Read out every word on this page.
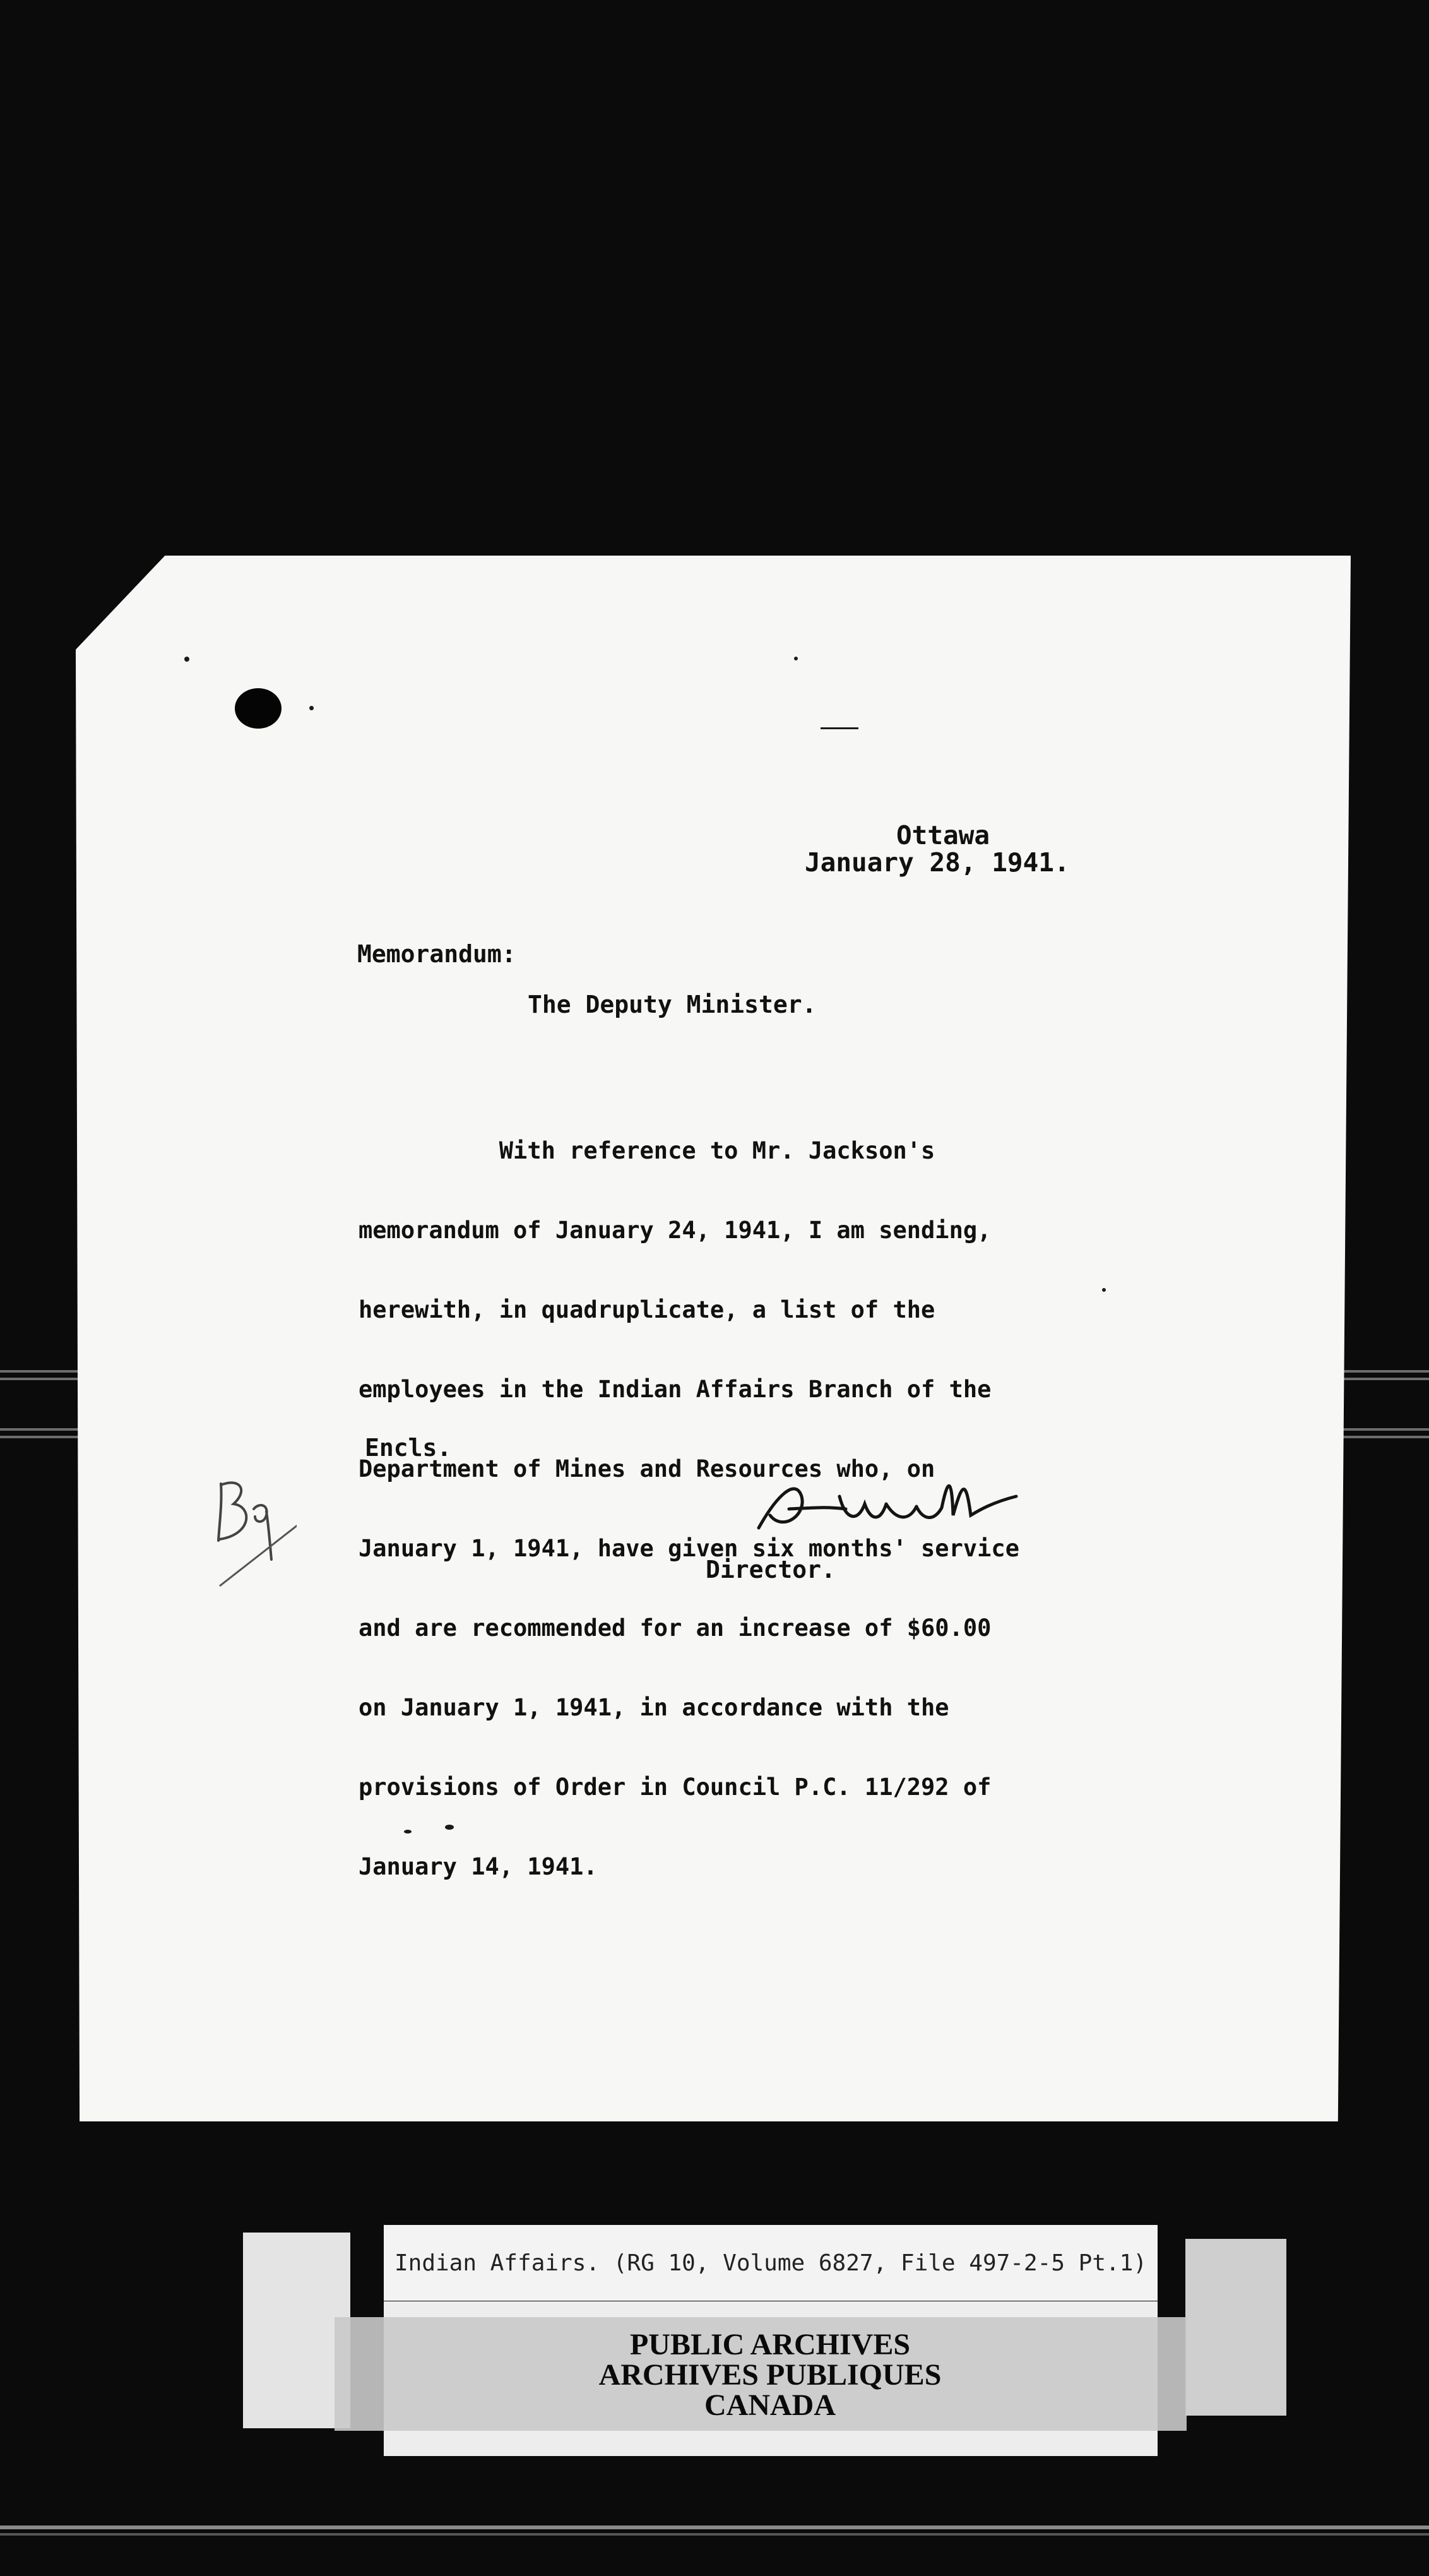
Ottawa
January 28, 1941.
Memorandum:
The Deputy Minister.

With reference to Mr. Jackson's

memorandum of January 24, 1941, I am sending,

herewith, in quadruplicate, a list of the

employees in the Indian Affairs Branch of the

Department of Mines and Resources who, on

January 1, 1941, have given six months' service

and are recommended for an increase of $60.00

on January 1, 1941, in accordance with the

provisions of Order in Council P.C. 11/292 of

January 14, 1941.

Encls.
Director.
Indian Affairs. (RG 10, Volume 6827, File 497-2-5 Pt.1)
PUBLIC ARCHIVES
ARCHIVES PUBLIQUES
CANADA
